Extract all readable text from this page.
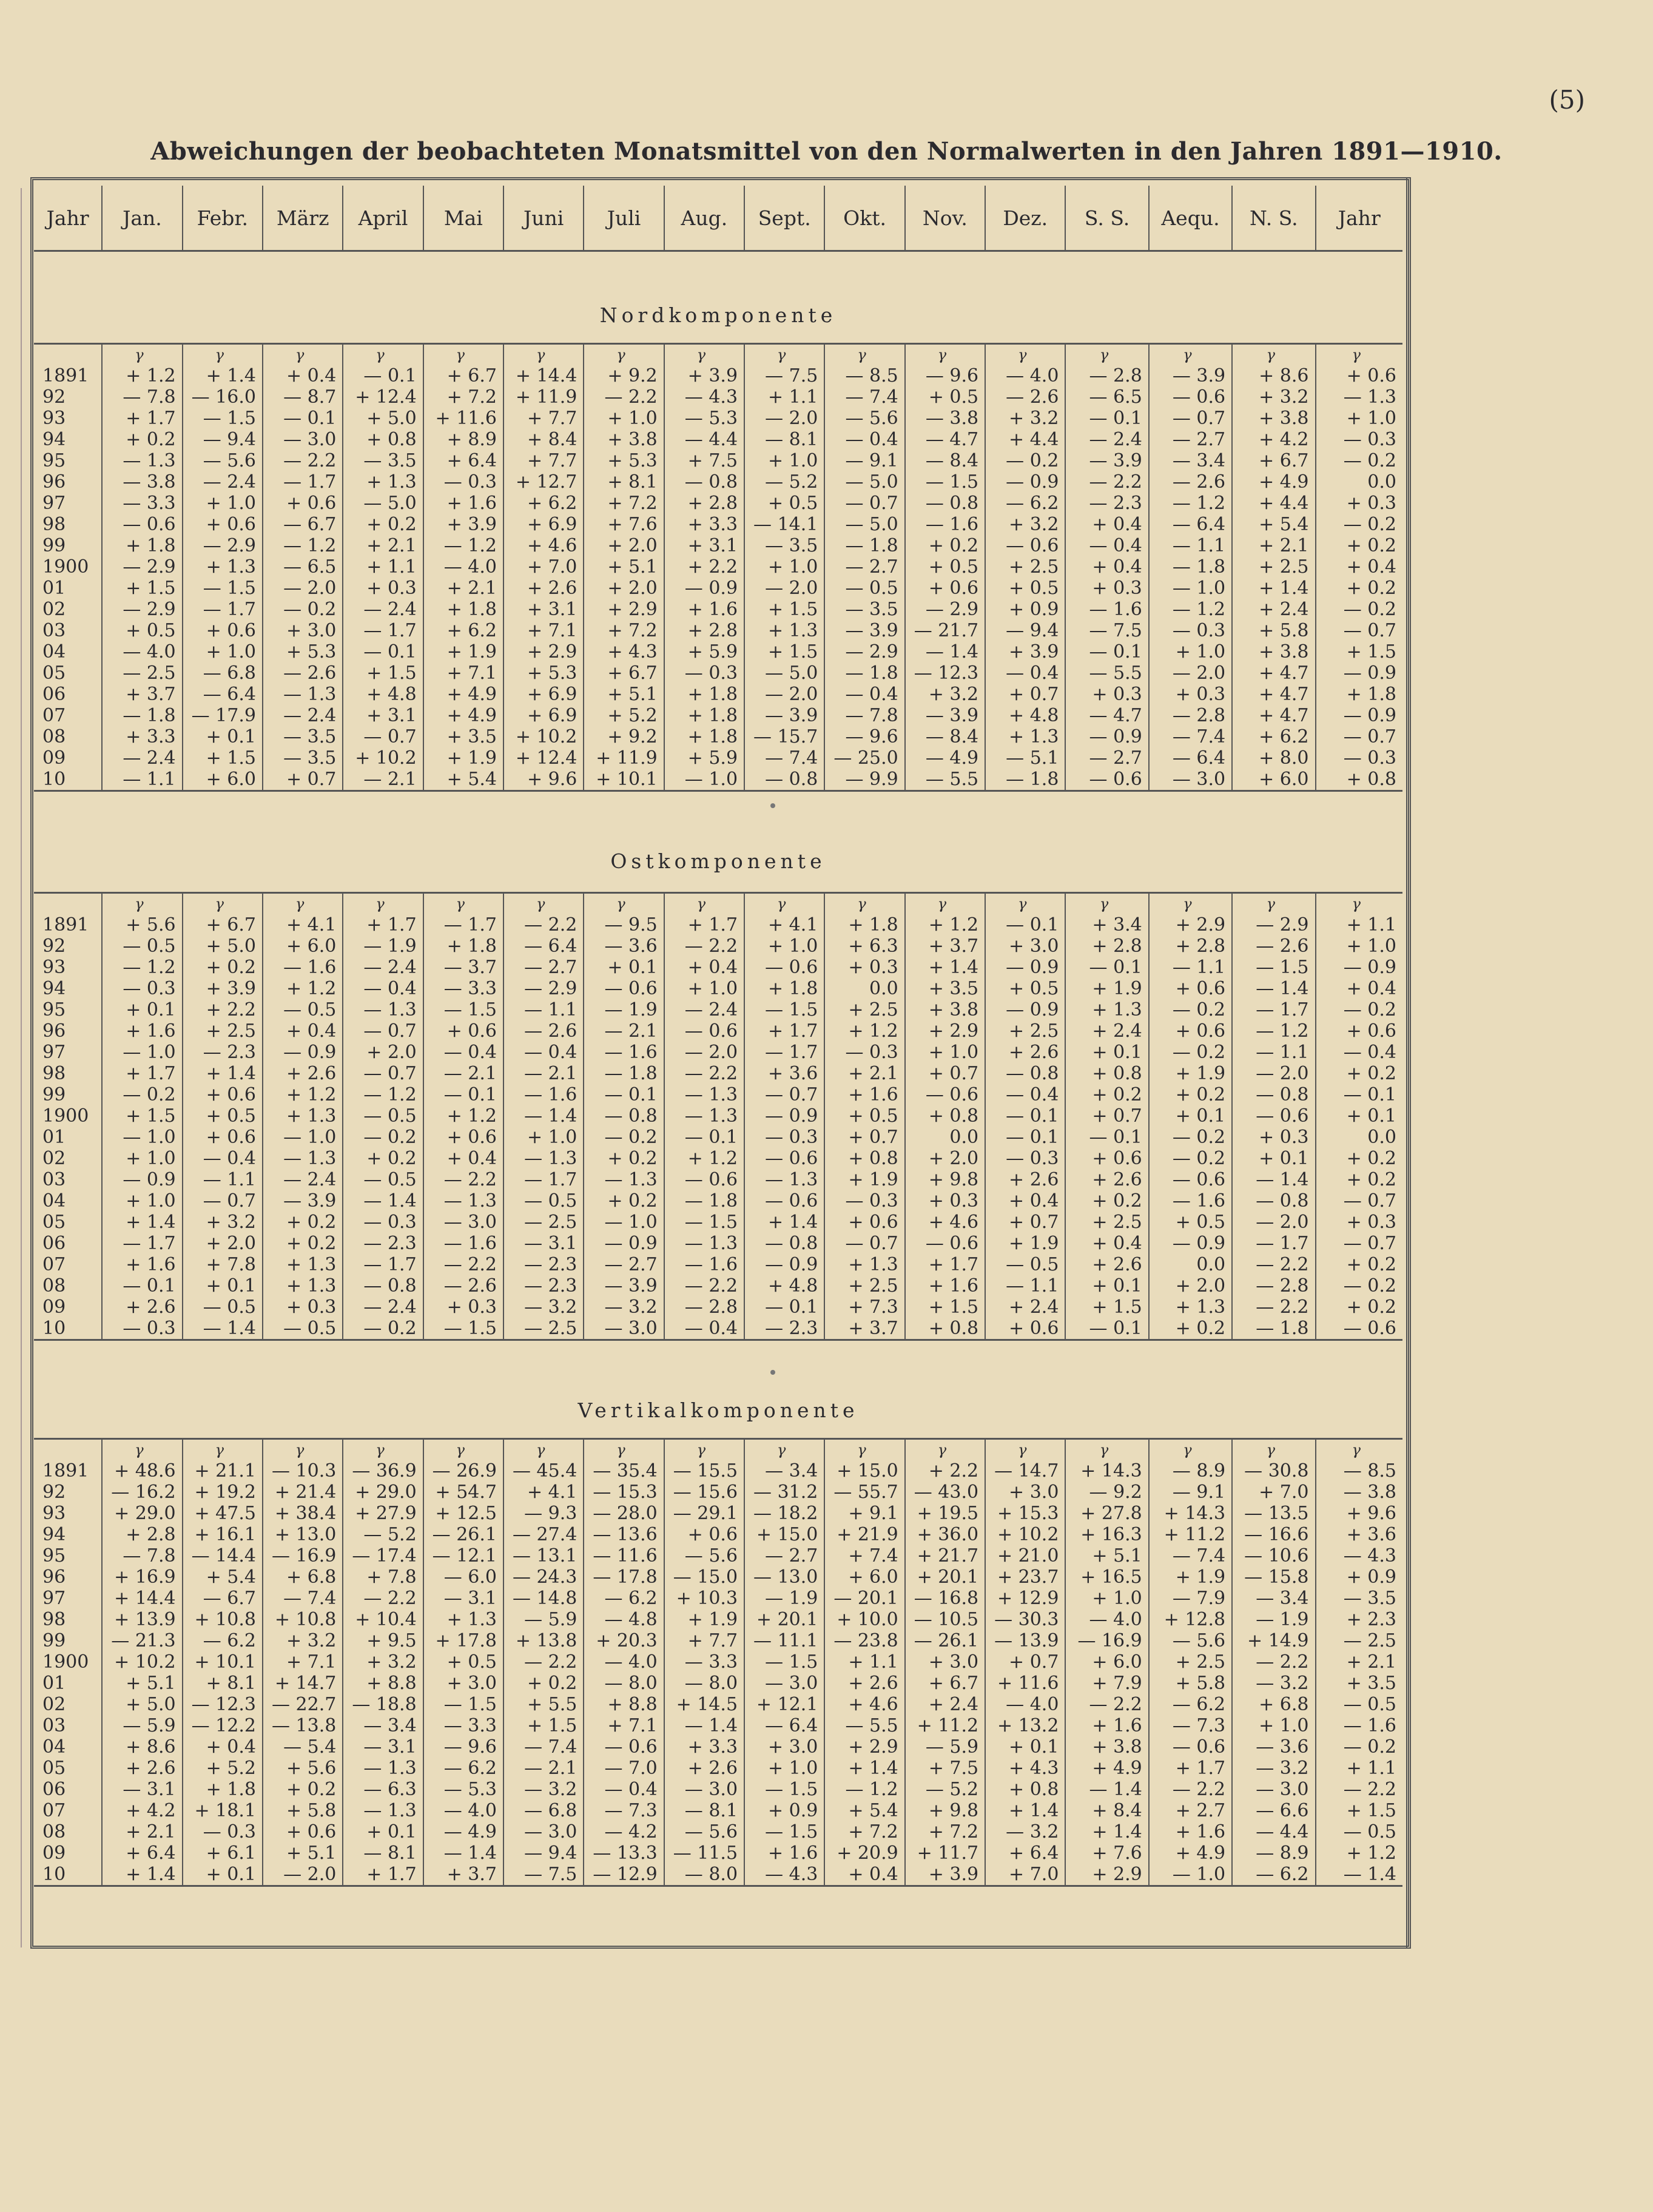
(5)
Abweichungen der beobachteten Monatsmittel von den Normalwerten in den Jahren 1891—1910.
Jahr	Jan.	Febr.	März	April	Mai	Juni	Juli	Aug.	Sept.	Okt.	Nov.	Dez.	S. S.	Aequ.	N. S.	Jahr
Nordkomponente
	γ	γ	γ	γ	γ	γ	γ	γ	γ	γ	γ	γ	γ	γ	γ	γ
1891	+ 1.2	+ 1.4	+ 0.4	— 0.1	+ 6.7	+ 14.4	+ 9.2	+ 3.9	— 7.5	— 8.5	— 9.6	— 4.0	— 2.8	— 3.9	+ 8.6	+ 0.6
92	— 7.8	— 16.0	— 8.7	+ 12.4	+ 7.2	+ 11.9	— 2.2	— 4.3	+ 1.1	— 7.4	+ 0.5	— 2.6	— 6.5	— 0.6	+ 3.2	— 1.3
93	+ 1.7	— 1.5	— 0.1	+ 5.0	+ 11.6	+ 7.7	+ 1.0	— 5.3	— 2.0	— 5.6	— 3.8	+ 3.2	— 0.1	— 0.7	+ 3.8	+ 1.0
94	+ 0.2	— 9.4	— 3.0	+ 0.8	+ 8.9	+ 8.4	+ 3.8	— 4.4	— 8.1	— 0.4	— 4.7	+ 4.4	— 2.4	— 2.7	+ 4.2	— 0.3
95	— 1.3	— 5.6	— 2.2	— 3.5	+ 6.4	+ 7.7	+ 5.3	+ 7.5	+ 1.0	— 9.1	— 8.4	— 0.2	— 3.9	— 3.4	+ 6.7	— 0.2
96	— 3.8	— 2.4	— 1.7	+ 1.3	— 0.3	+ 12.7	+ 8.1	— 0.8	— 5.2	— 5.0	— 1.5	— 0.9	— 2.2	— 2.6	+ 4.9	0.0
97	— 3.3	+ 1.0	+ 0.6	— 5.0	+ 1.6	+ 6.2	+ 7.2	+ 2.8	+ 0.5	— 0.7	— 0.8	— 6.2	— 2.3	— 1.2	+ 4.4	+ 0.3
98	— 0.6	+ 0.6	— 6.7	+ 0.2	+ 3.9	+ 6.9	+ 7.6	+ 3.3	— 14.1	— 5.0	— 1.6	+ 3.2	+ 0.4	— 6.4	+ 5.4	— 0.2
99	+ 1.8	— 2.9	— 1.2	+ 2.1	— 1.2	+ 4.6	+ 2.0	+ 3.1	— 3.5	— 1.8	+ 0.2	— 0.6	— 0.4	— 1.1	+ 2.1	+ 0.2
1900	— 2.9	+ 1.3	— 6.5	+ 1.1	— 4.0	+ 7.0	+ 5.1	+ 2.2	+ 1.0	— 2.7	+ 0.5	+ 2.5	+ 0.4	— 1.8	+ 2.5	+ 0.4
01	+ 1.5	— 1.5	— 2.0	+ 0.3	+ 2.1	+ 2.6	+ 2.0	— 0.9	— 2.0	— 0.5	+ 0.6	+ 0.5	+ 0.3	— 1.0	+ 1.4	+ 0.2
02	— 2.9	— 1.7	— 0.2	— 2.4	+ 1.8	+ 3.1	+ 2.9	+ 1.6	+ 1.5	— 3.5	— 2.9	+ 0.9	— 1.6	— 1.2	+ 2.4	— 0.2
03	+ 0.5	+ 0.6	+ 3.0	— 1.7	+ 6.2	+ 7.1	+ 7.2	+ 2.8	+ 1.3	— 3.9	— 21.7	— 9.4	— 7.5	— 0.3	+ 5.8	— 0.7
04	— 4.0	+ 1.0	+ 5.3	— 0.1	+ 1.9	+ 2.9	+ 4.3	+ 5.9	+ 1.5	— 2.9	— 1.4	+ 3.9	— 0.1	+ 1.0	+ 3.8	+ 1.5
05	— 2.5	— 6.8	— 2.6	+ 1.5	+ 7.1	+ 5.3	+ 6.7	— 0.3	— 5.0	— 1.8	— 12.3	— 0.4	— 5.5	— 2.0	+ 4.7	— 0.9
06	+ 3.7	— 6.4	— 1.3	+ 4.8	+ 4.9	+ 6.9	+ 5.1	+ 1.8	— 2.0	— 0.4	+ 3.2	+ 0.7	+ 0.3	+ 0.3	+ 4.7	+ 1.8
07	— 1.8	— 17.9	— 2.4	+ 3.1	+ 4.9	+ 6.9	+ 5.2	+ 1.8	— 3.9	— 7.8	— 3.9	+ 4.8	— 4.7	— 2.8	+ 4.7	— 0.9
08	+ 3.3	+ 0.1	— 3.5	— 0.7	+ 3.5	+ 10.2	+ 9.2	+ 1.8	— 15.7	— 9.6	— 8.4	+ 1.3	— 0.9	— 7.4	+ 6.2	— 0.7
09	— 2.4	+ 1.5	— 3.5	+ 10.2	+ 1.9	+ 12.4	+ 11.9	+ 5.9	— 7.4	— 25.0	— 4.9	— 5.1	— 2.7	— 6.4	+ 8.0	— 0.3
10	— 1.1	+ 6.0	+ 0.7	— 2.1	+ 5.4	+ 9.6	+ 10.1	— 1.0	— 0.8	— 9.9	— 5.5	— 1.8	— 0.6	— 3.0	+ 6.0	+ 0.8
Ostkomponente
	γ	γ	γ	γ	γ	γ	γ	γ	γ	γ	γ	γ	γ	γ	γ	γ
1891	+ 5.6	+ 6.7	+ 4.1	+ 1.7	— 1.7	— 2.2	— 9.5	+ 1.7	+ 4.1	+ 1.8	+ 1.2	— 0.1	+ 3.4	+ 2.9	— 2.9	+ 1.1
92	— 0.5	+ 5.0	+ 6.0	— 1.9	+ 1.8	— 6.4	— 3.6	— 2.2	+ 1.0	+ 6.3	+ 3.7	+ 3.0	+ 2.8	+ 2.8	— 2.6	+ 1.0
93	— 1.2	+ 0.2	— 1.6	— 2.4	— 3.7	— 2.7	+ 0.1	+ 0.4	— 0.6	+ 0.3	+ 1.4	— 0.9	— 0.1	— 1.1	— 1.5	— 0.9
94	— 0.3	+ 3.9	+ 1.2	— 0.4	— 3.3	— 2.9	— 0.6	+ 1.0	+ 1.8	0.0	+ 3.5	+ 0.5	+ 1.9	+ 0.6	— 1.4	+ 0.4
95	+ 0.1	+ 2.2	— 0.5	— 1.3	— 1.5	— 1.1	— 1.9	— 2.4	— 1.5	+ 2.5	+ 3.8	— 0.9	+ 1.3	— 0.2	— 1.7	— 0.2
96	+ 1.6	+ 2.5	+ 0.4	— 0.7	+ 0.6	— 2.6	— 2.1	— 0.6	+ 1.7	+ 1.2	+ 2.9	+ 2.5	+ 2.4	+ 0.6	— 1.2	+ 0.6
97	— 1.0	— 2.3	— 0.9	+ 2.0	— 0.4	— 0.4	— 1.6	— 2.0	— 1.7	— 0.3	+ 1.0	+ 2.6	+ 0.1	— 0.2	— 1.1	— 0.4
98	+ 1.7	+ 1.4	+ 2.6	— 0.7	— 2.1	— 2.1	— 1.8	— 2.2	+ 3.6	+ 2.1	+ 0.7	— 0.8	+ 0.8	+ 1.9	— 2.0	+ 0.2
99	— 0.2	+ 0.6	+ 1.2	— 1.2	— 0.1	— 1.6	— 0.1	— 1.3	— 0.7	+ 1.6	— 0.6	— 0.4	+ 0.2	+ 0.2	— 0.8	— 0.1
1900	+ 1.5	+ 0.5	+ 1.3	— 0.5	+ 1.2	— 1.4	— 0.8	— 1.3	— 0.9	+ 0.5	+ 0.8	— 0.1	+ 0.7	+ 0.1	— 0.6	+ 0.1
01	— 1.0	+ 0.6	— 1.0	— 0.2	+ 0.6	+ 1.0	— 0.2	— 0.1	— 0.3	+ 0.7	0.0	— 0.1	— 0.1	— 0.2	+ 0.3	0.0
02	+ 1.0	— 0.4	— 1.3	+ 0.2	+ 0.4	— 1.3	+ 0.2	+ 1.2	— 0.6	+ 0.8	+ 2.0	— 0.3	+ 0.6	— 0.2	+ 0.1	+ 0.2
03	— 0.9	— 1.1	— 2.4	— 0.5	— 2.2	— 1.7	— 1.3	— 0.6	— 1.3	+ 1.9	+ 9.8	+ 2.6	+ 2.6	— 0.6	— 1.4	+ 0.2
04	+ 1.0	— 0.7	— 3.9	— 1.4	— 1.3	— 0.5	+ 0.2	— 1.8	— 0.6	— 0.3	+ 0.3	+ 0.4	+ 0.2	— 1.6	— 0.8	— 0.7
05	+ 1.4	+ 3.2	+ 0.2	— 0.3	— 3.0	— 2.5	— 1.0	— 1.5	+ 1.4	+ 0.6	+ 4.6	+ 0.7	+ 2.5	+ 0.5	— 2.0	+ 0.3
06	— 1.7	+ 2.0	+ 0.2	— 2.3	— 1.6	— 3.1	— 0.9	— 1.3	— 0.8	— 0.7	— 0.6	+ 1.9	+ 0.4	— 0.9	— 1.7	— 0.7
07	+ 1.6	+ 7.8	+ 1.3	— 1.7	— 2.2	— 2.3	— 2.7	— 1.6	— 0.9	+ 1.3	+ 1.7	— 0.5	+ 2.6	0.0	— 2.2	+ 0.2
08	— 0.1	+ 0.1	+ 1.3	— 0.8	— 2.6	— 2.3	— 3.9	— 2.2	+ 4.8	+ 2.5	+ 1.6	— 1.1	+ 0.1	+ 2.0	— 2.8	— 0.2
09	+ 2.6	— 0.5	+ 0.3	— 2.4	+ 0.3	— 3.2	— 3.2	— 2.8	— 0.1	+ 7.3	+ 1.5	+ 2.4	+ 1.5	+ 1.3	— 2.2	+ 0.2
10	— 0.3	— 1.4	— 0.5	— 0.2	— 1.5	— 2.5	— 3.0	— 0.4	— 2.3	+ 3.7	+ 0.8	+ 0.6	— 0.1	+ 0.2	— 1.8	— 0.6
Vertikalkomponente
	γ	γ	γ	γ	γ	γ	γ	γ	γ	γ	γ	γ	γ	γ	γ	γ
1891	+ 48.6	+ 21.1	— 10.3	— 36.9	— 26.9	— 45.4	— 35.4	— 15.5	— 3.4	+ 15.0	+ 2.2	— 14.7	+ 14.3	— 8.9	— 30.8	— 8.5
92	— 16.2	+ 19.2	+ 21.4	+ 29.0	+ 54.7	+ 4.1	— 15.3	— 15.6	— 31.2	— 55.7	— 43.0	+ 3.0	— 9.2	— 9.1	+ 7.0	— 3.8
93	+ 29.0	+ 47.5	+ 38.4	+ 27.9	+ 12.5	— 9.3	— 28.0	— 29.1	— 18.2	+ 9.1	+ 19.5	+ 15.3	+ 27.8	+ 14.3	— 13.5	+ 9.6
94	+ 2.8	+ 16.1	+ 13.0	— 5.2	— 26.1	— 27.4	— 13.6	+ 0.6	+ 15.0	+ 21.9	+ 36.0	+ 10.2	+ 16.3	+ 11.2	— 16.6	+ 3.6
95	— 7.8	— 14.4	— 16.9	— 17.4	— 12.1	— 13.1	— 11.6	— 5.6	— 2.7	+ 7.4	+ 21.7	+ 21.0	+ 5.1	— 7.4	— 10.6	— 4.3
96	+ 16.9	+ 5.4	+ 6.8	+ 7.8	— 6.0	— 24.3	— 17.8	— 15.0	— 13.0	+ 6.0	+ 20.1	+ 23.7	+ 16.5	+ 1.9	— 15.8	+ 0.9
97	+ 14.4	— 6.7	— 7.4	— 2.2	— 3.1	— 14.8	— 6.2	+ 10.3	— 1.9	— 20.1	— 16.8	+ 12.9	+ 1.0	— 7.9	— 3.4	— 3.5
98	+ 13.9	+ 10.8	+ 10.8	+ 10.4	+ 1.3	— 5.9	— 4.8	+ 1.9	+ 20.1	+ 10.0	— 10.5	— 30.3	— 4.0	+ 12.8	— 1.9	+ 2.3
99	— 21.3	— 6.2	+ 3.2	+ 9.5	+ 17.8	+ 13.8	+ 20.3	+ 7.7	— 11.1	— 23.8	— 26.1	— 13.9	— 16.9	— 5.6	+ 14.9	— 2.5
1900	+ 10.2	+ 10.1	+ 7.1	+ 3.2	+ 0.5	— 2.2	— 4.0	— 3.3	— 1.5	+ 1.1	+ 3.0	+ 0.7	+ 6.0	+ 2.5	— 2.2	+ 2.1
01	+ 5.1	+ 8.1	+ 14.7	+ 8.8	+ 3.0	+ 0.2	— 8.0	— 8.0	— 3.0	+ 2.6	+ 6.7	+ 11.6	+ 7.9	+ 5.8	— 3.2	+ 3.5
02	+ 5.0	— 12.3	— 22.7	— 18.8	— 1.5	+ 5.5	+ 8.8	+ 14.5	+ 12.1	+ 4.6	+ 2.4	— 4.0	— 2.2	— 6.2	+ 6.8	— 0.5
03	— 5.9	— 12.2	— 13.8	— 3.4	— 3.3	+ 1.5	+ 7.1	— 1.4	— 6.4	— 5.5	+ 11.2	+ 13.2	+ 1.6	— 7.3	+ 1.0	— 1.6
04	+ 8.6	+ 0.4	— 5.4	— 3.1	— 9.6	— 7.4	— 0.6	+ 3.3	+ 3.0	+ 2.9	— 5.9	+ 0.1	+ 3.8	— 0.6	— 3.6	— 0.2
05	+ 2.6	+ 5.2	+ 5.6	— 1.3	— 6.2	— 2.1	— 7.0	+ 2.6	+ 1.0	+ 1.4	+ 7.5	+ 4.3	+ 4.9	+ 1.7	— 3.2	+ 1.1
06	— 3.1	+ 1.8	+ 0.2	— 6.3	— 5.3	— 3.2	— 0.4	— 3.0	— 1.5	— 1.2	— 5.2	+ 0.8	— 1.4	— 2.2	— 3.0	— 2.2
07	+ 4.2	+ 18.1	+ 5.8	— 1.3	— 4.0	— 6.8	— 7.3	— 8.1	+ 0.9	+ 5.4	+ 9.8	+ 1.4	+ 8.4	+ 2.7	— 6.6	+ 1.5
08	+ 2.1	— 0.3	+ 0.6	+ 0.1	— 4.9	— 3.0	— 4.2	— 5.6	— 1.5	+ 7.2	+ 7.2	— 3.2	+ 1.4	+ 1.6	— 4.4	— 0.5
09	+ 6.4	+ 6.1	+ 5.1	— 8.1	— 1.4	— 9.4	— 13.3	— 11.5	+ 1.6	+ 20.9	+ 11.7	+ 6.4	+ 7.6	+ 4.9	— 8.9	+ 1.2
10	+ 1.4	+ 0.1	— 2.0	+ 1.7	+ 3.7	— 7.5	— 12.9	— 8.0	— 4.3	+ 0.4	+ 3.9	+ 7.0	+ 2.9	— 1.0	— 6.2	— 1.4
